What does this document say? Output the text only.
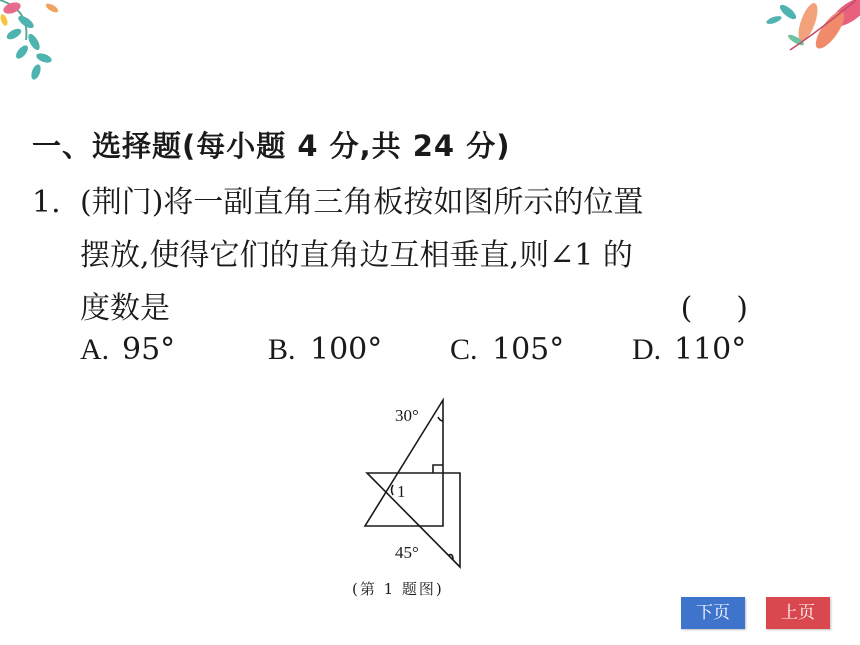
一、选择题(每小题 4 分,共 24 分)
1. (荆门)将一副直角三角板按如图所示的位置
摆放,使得它们的直角边互相垂直,则∠1 的
度数是	()
A. 95°	B. 100° C. 105° D. 110°
30°
45°
1
(第 1 题图)
下页	上页
